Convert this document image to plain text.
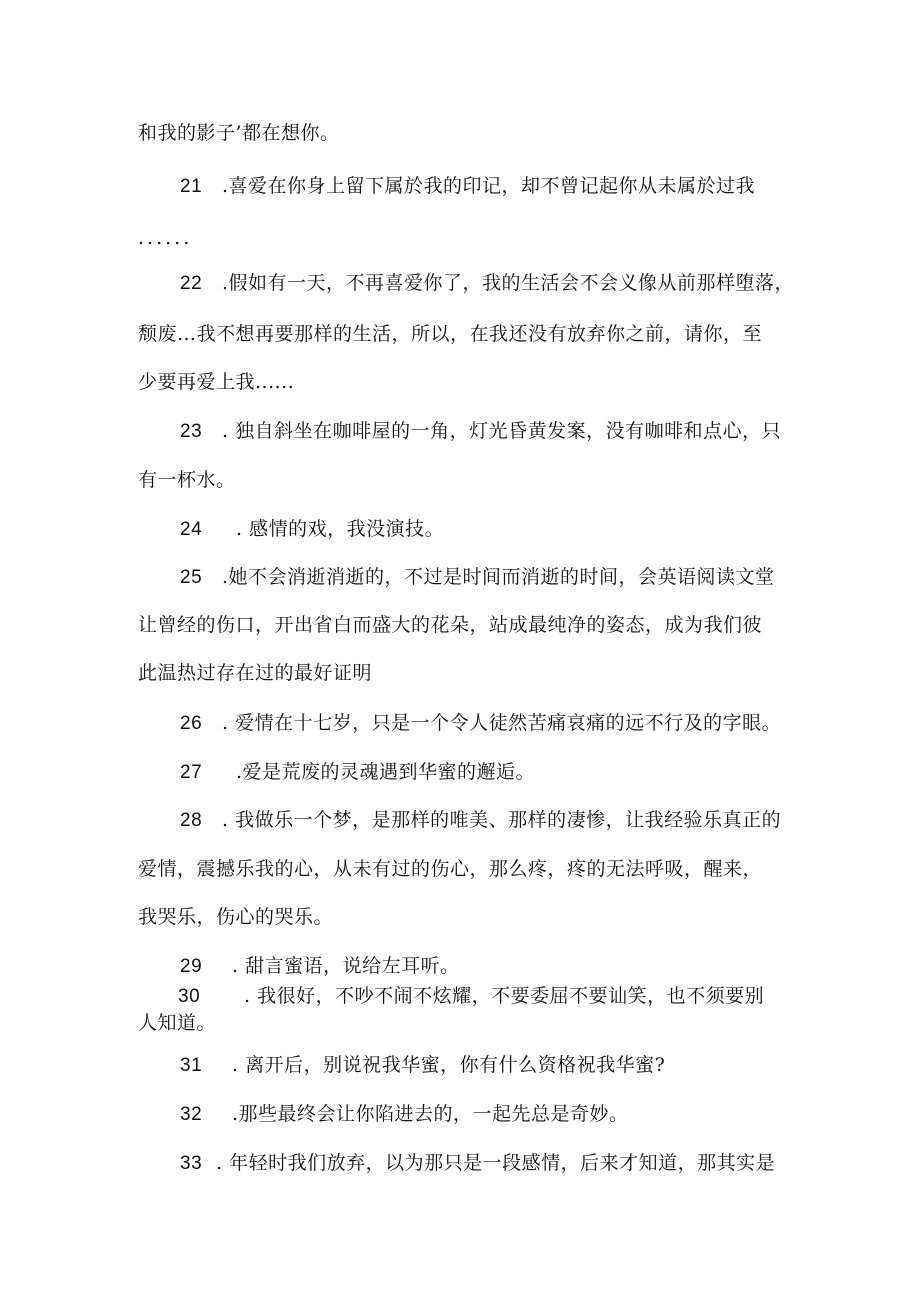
和我的影子’都在想你。
21 .喜爱在你身上留下属於我的印记，却不曾记起你从未属於过我
......
22 .假如有一天，不再喜爱你了，我的生活会不会义像从前那样堕落，
颓废…我不想再要那样的生活，所以，在我还没有放弃你之前，请你，至
少要再爱上我......
23 . 独自斜坐在咖啡屋的一角，灯光昏黄发案，没有咖啡和点心，只
有一杯水。
24 . 感情的戏，我没演技。
25 .她不会消逝消逝的，不过是时间而消逝的时间，会英语阅读文堂
让曾经的伤口，开出省白而盛大的花朵，站成最纯净的姿态，成为我们彼
此温热过存在过的最好证明
26 . 爱情在十七岁，只是一个令人徒然苦痛哀痛的远不行及的字眼。
27 .爱是荒废的灵魂遇到华蜜的邂逅。
28 . 我做乐一个梦，是那样的唯美、那样的凄惨，让我经验乐真正的
爱情，震撼乐我的心，从未有过的伤心，那么疼，疼的无法呼吸，醒来，
我哭乐，伤心的哭乐。
29 . 甜言蜜语，说给左耳听。
30 . 我很好，不吵不闹不炫耀，不要委屈不要讪笑，也不须要别
人知道。
31 . 离开后，别说祝我华蜜，你有什么资格祝我华蜜?
32 .那些最终会让你陷进去的，一起先总是奇妙。
33 . 年轻时我们放弃，以为那只是一段感情，后来才知道，那其实是
